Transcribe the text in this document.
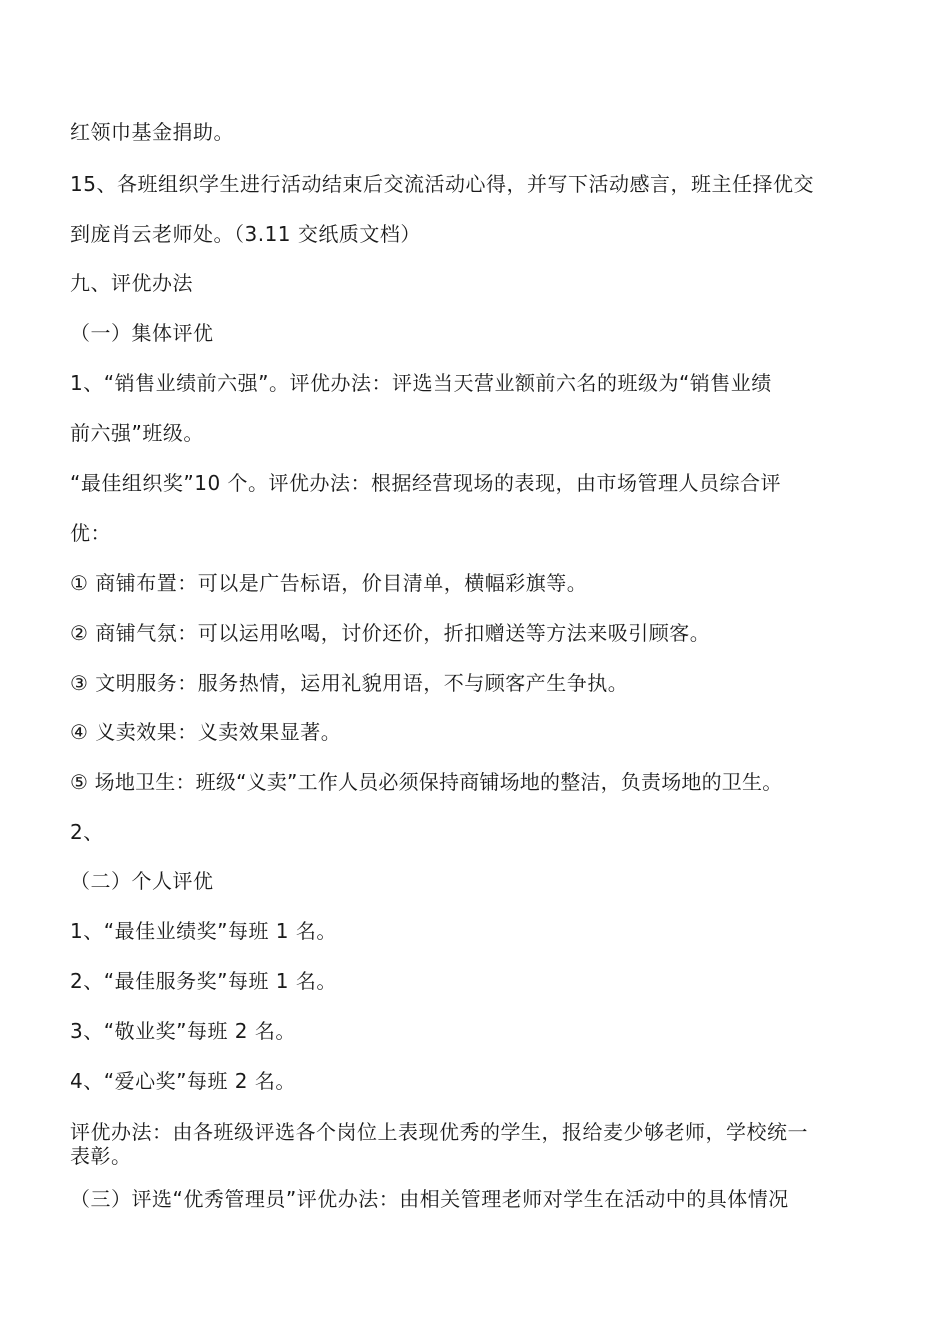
红领巾基金捐助。
15、各班组织学生进行活动结束后交流活动心得，并写下活动感言，班主任择优交
到庞肖云老师处。（3.11 交纸质文档）
九、评优办法
（一）集体评优
1、“销售业绩前六强”。评优办法：评选当天营业额前六名的班级为“销售业绩
前六强”班级。
“最佳组织奖”10 个。评优办法：根据经营现场的表现，由市场管理人员综合评
优：
① 商铺布置：可以是广告标语，价目清单，横幅彩旗等。
② 商铺气氛：可以运用吆喝，讨价还价，折扣赠送等方法来吸引顾客。
③ 文明服务：服务热情，运用礼貌用语，不与顾客产生争执。
④ 义卖效果：义卖效果显著。
⑤ 场地卫生：班级“义卖”工作人员必须保持商铺场地的整洁，负责场地的卫生。
2、
（二）个人评优
1、“最佳业绩奖”每班 1 名。
2、“最佳服务奖”每班 1 名。
3、“敬业奖”每班 2 名。
4、“爱心奖”每班 2 名。
评优办法：由各班级评选各个岗位上表现优秀的学生，报给麦少够老师，学校统一
表彰。
（三）评选“优秀管理员”评优办法：由相关管理老师对学生在活动中的具体情况
